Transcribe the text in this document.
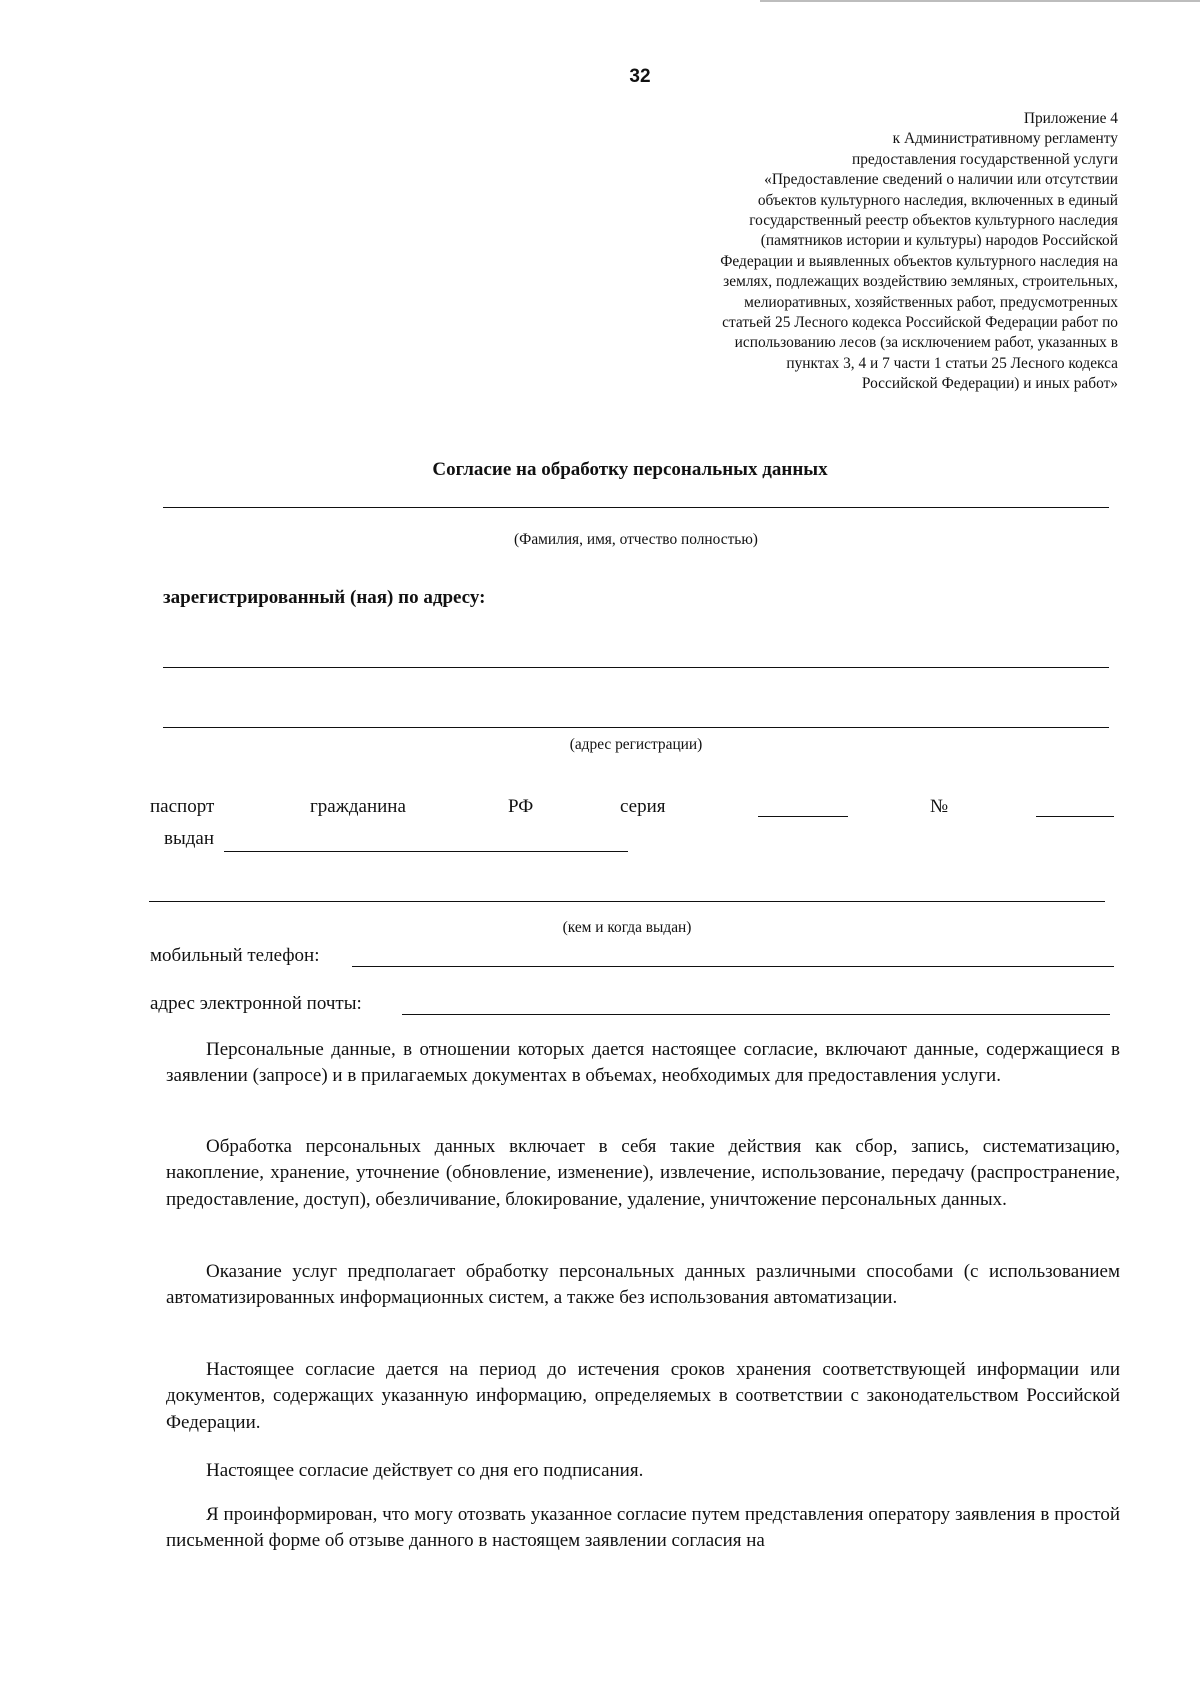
32
Приложение 4
к Административному регламенту
предоставления государственной услуги
«Предоставление сведений о наличии или отсутствии
объектов культурного наследия, включенных в единый
государственный реестр объектов культурного наследия
(памятников истории и культуры) народов Российской
Федерации и выявленных объектов культурного наследия на
землях, подлежащих воздействию земляных, строительных,
мелиоративных, хозяйственных работ, предусмотренных
статьей 25 Лесного кодекса Российской Федерации работ по
использованию лесов (за исключением работ, указанных в
пунктах 3, 4 и 7 части 1 статьи 25 Лесного кодекса
Российской Федерации) и иных работ»
Согласие на обработку персональных данных
(Фамилия, имя, отчество полностью)
зарегистрированный (ная) по адресу:
(адрес регистрации)
паспорт	гражданина	РФ	серия	№
выдан
(кем и когда выдан)
мобильный телефон:
адрес электронной почты:

Персональные данные, в отношении которых дается настоящее согласие, включают данные, содержащиеся в заявлении (запросе) и в прилагаемых документах в объемах, необходимых для предоставления услуги.

Обработка персональных данных включает в себя такие действия как сбор, запись, систематизацию, накопление, хранение, уточнение (обновление, изменение), извлечение, использование, передачу (распространение, предоставление, доступ), обезличивание, блокирование, удаление, уничтожение персональных данных.

Оказание услуг предполагает обработку персональных данных различными способами (с использованием автоматизированных информационных систем, а также без использования автоматизации.

Настоящее согласие дается на период до истечения сроков хранения соответствующей информации или документов, содержащих указанную информацию, определяемых в соответствии с законодательством Российской Федерации.

Настоящее согласие действует со дня его подписания.

Я проинформирован, что могу отозвать указанное согласие путем представления оператору заявления в простой письменной форме об отзыве данного в настоящем заявлении согласия на
